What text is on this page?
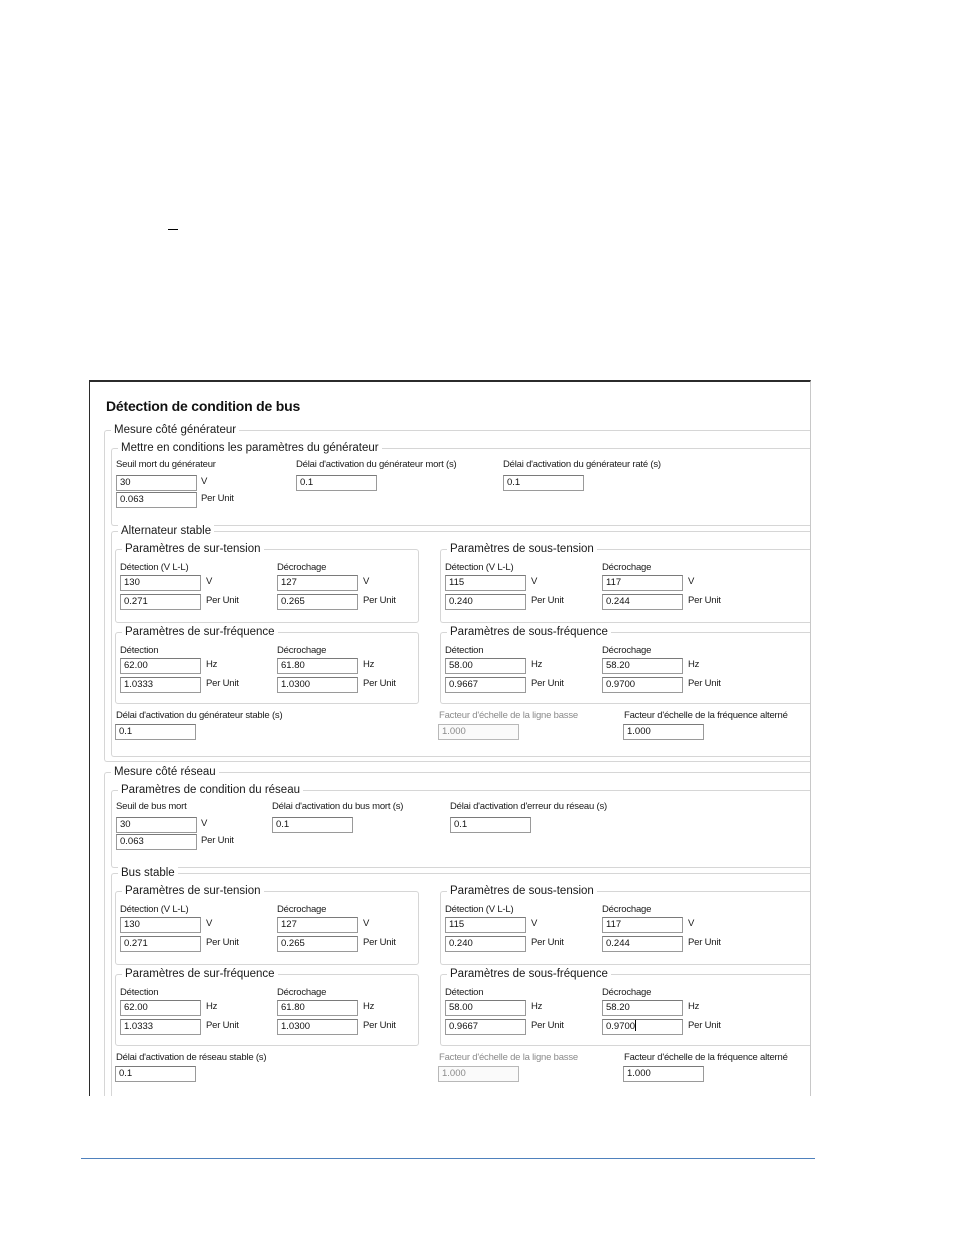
Détection de condition de bus
Mesure côté générateur
Mettre en conditions les paramètres du générateur
Seuil mort du générateur
30	V
0.063	Per Unit
Délai d'activation du générateur mort (s)
0.1
Délai d'activation du générateur raté (s)
0.1
Alternateur stable
Paramètres de sur-tension
Détection (V L-L)
130	V
0.271	Per Unit
Décrochage
127	V
0.265	Per Unit
Paramètres de sous-tension
Détection (V L-L)
115	V
0.240	Per Unit
Décrochage
117	V
0.244	Per Unit
Paramètres de sur-fréquence
Détection
62.00	Hz
1.0333	Per Unit
Décrochage
61.80	Hz
1.0300	Per Unit
Paramètres de sous-fréquence
Détection
58.00	Hz
0.9667	Per Unit
Décrochage
58.20	Hz
0.9700	Per Unit
Délai d'activation du générateur stable (s)
0.1
Facteur d'échelle de la ligne basse
1.000
Facteur d'échelle de la fréquence alterné
1.000
Mesure côté réseau
Paramètres de condition du réseau
Seuil de bus mort
30	V
0.063	Per Unit
Délai d'activation du bus mort (s)
0.1
Délai d'activation d'erreur du réseau (s)
0.1
Bus stable
Paramètres de sur-tension
Détection (V L-L)
130	V
0.271	Per Unit
Décrochage
127	V
0.265	Per Unit
Paramètres de sous-tension
Détection (V L-L)
115	V
0.240	Per Unit
Décrochage
117	V
0.244	Per Unit
Paramètres de sur-fréquence
Détection
62.00	Hz
1.0333	Per Unit
Décrochage
61.80	Hz
1.0300	Per Unit
Paramètres de sous-fréquence
Détection
58.00	Hz
0.9667	Per Unit
Décrochage
58.20	Hz
0.9700	Per Unit
Délai d'activation de réseau stable (s)
0.1
Facteur d'échelle de la ligne basse
1.000
Facteur d'échelle de la fréquence alterné
1.000
